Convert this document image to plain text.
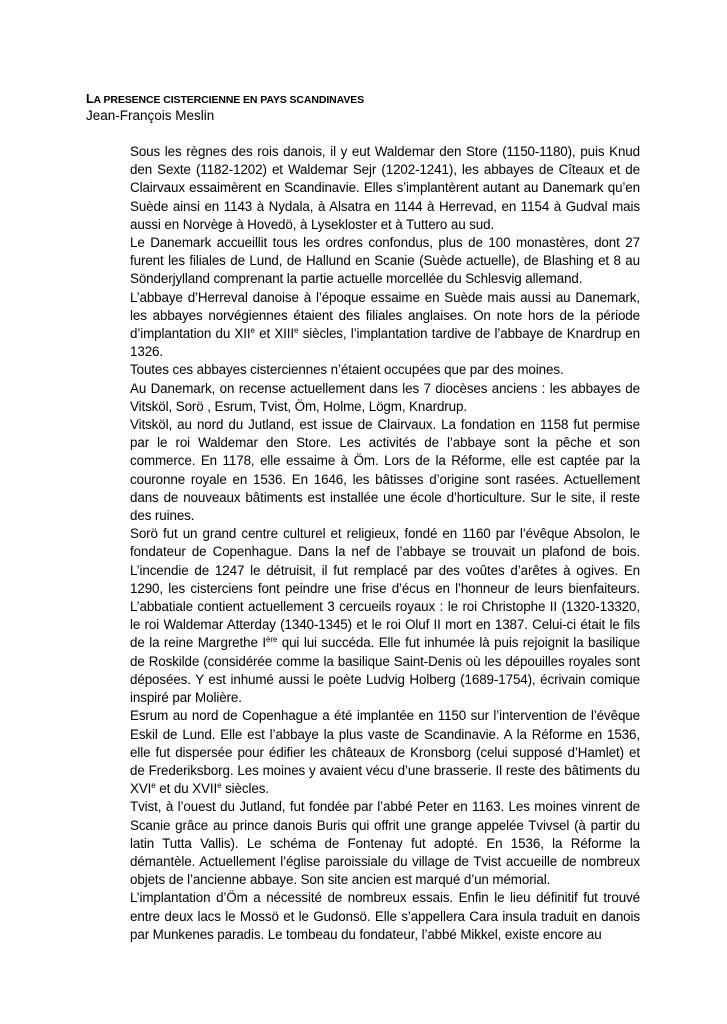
LA PRESENCE CISTERCIENNE EN PAYS SCANDINAVES

Jean-François Meslin

Sous les règnes des rois danois, il y eut Waldemar den Store (1150-1180), puis Knud den Sexte (1182-1202) et Waldemar Sejr (1202-1241), les abbayes de Cîteaux et de Clairvaux essaimèrent en Scandinavie. Elles s’implantèrent autant au Danemark qu’en Suède ainsi en 1143 à Nydala, à Alsatra en 1144 à Herrevad, en 1154 à Gudval mais aussi en Norvège à Hovedö, à Lysekloster et à Tuttero au sud.

Le Danemark accueillit tous les ordres confondus, plus de 100 monastères, dont 27 furent les filiales de Lund, de Hallund en Scanie (Suède actuelle), de Blashing et 8 au Sönderjylland comprenant la partie actuelle morcellée du Schlesvig allemand.

L’abbaye d’Herreval danoise à l’époque essaime en Suède mais aussi au Danemark, les abbayes norvégiennes étaient des filiales anglaises. On note hors de la période d’implantation du XIIe et XIIIe siècles, l’implantation tardive de l’abbaye de Knardrup en 1326.

Toutes ces abbayes cisterciennes n’étaient occupées que par des moines.

Au Danemark, on recense actuellement dans les 7 diocèses anciens : les abbayes de Vitsköl, Sorö , Esrum, Tvist, Öm, Holme, Lögm, Knardrup.

Vitsköl, au nord du Jutland, est issue de Clairvaux. La fondation en 1158 fut permise par le roi Waldemar den Store. Les activités de l’abbaye sont la pêche et son commerce. En 1178, elle essaime à Öm. Lors de la Réforme, elle est captée par la couronne royale en 1536. En 1646, les bâtisses d’origine sont rasées. Actuellement dans de nouveaux bâtiments est installée une école d’horticulture. Sur le site, il reste des ruines.

Sorö fut un grand centre culturel et religieux, fondé en 1160 par l’évêque Absolon, le fondateur de Copenhague. Dans la nef de l’abbaye se trouvait un plafond de bois. L’incendie de 1247 le détruisit, il fut remplacé par des voûtes d’arêtes à ogives. En 1290, les cisterciens font peindre une frise d’écus en l’honneur de leurs bienfaiteurs. L’abbatiale contient actuellement 3 cercueils royaux : le roi Christophe II (1320-13320, le roi Waldemar Atterday (1340-1345) et le roi Oluf II mort en 1387. Celui-ci était le fils de la reine Margrethe Ière qui lui succéda. Elle fut inhumée là puis rejoignit la basilique de Roskilde (considérée comme la basilique Saint-Denis où les dépouilles royales sont déposées. Y est inhumé aussi le poète Ludvig Holberg (1689-1754), écrivain comique inspiré par Molière.

Esrum au nord de Copenhague a été implantée en 1150 sur l’intervention de l’évêque Eskil de Lund. Elle est l’abbaye la plus vaste de Scandinavie. A la Réforme en 1536, elle fut dispersée pour édifier les châteaux de Kronsborg (celui supposé d’Hamlet) et de Frederiksborg. Les moines y avaient vécu d’une brasserie. Il reste des bâtiments du XVIe et du XVIIe siècles.

Tvist, à l’ouest du Jutland, fut fondée par l’abbé Peter en 1163. Les moines vinrent de Scanie grâce au prince danois Buris qui offrit une grange appelée Tvivsel (à partir du latin Tutta Vallis). Le schéma de Fontenay fut adopté. En 1536, la Réforme la démantèle. Actuellement l’église paroissiale du village de Tvist accueille de nombreux objets de l’ancienne abbaye. Son site ancien est marqué d’un mémorial.

L’implantation d’Öm a nécessité de nombreux essais. Enfin le lieu définitif fut trouvé entre deux lacs le Mossö et le Gudonsö. Elle s’appellera Cara insula traduit en danois par Munkenes paradis. Le tombeau du fondateur, l’abbé Mikkel, existe encore au
